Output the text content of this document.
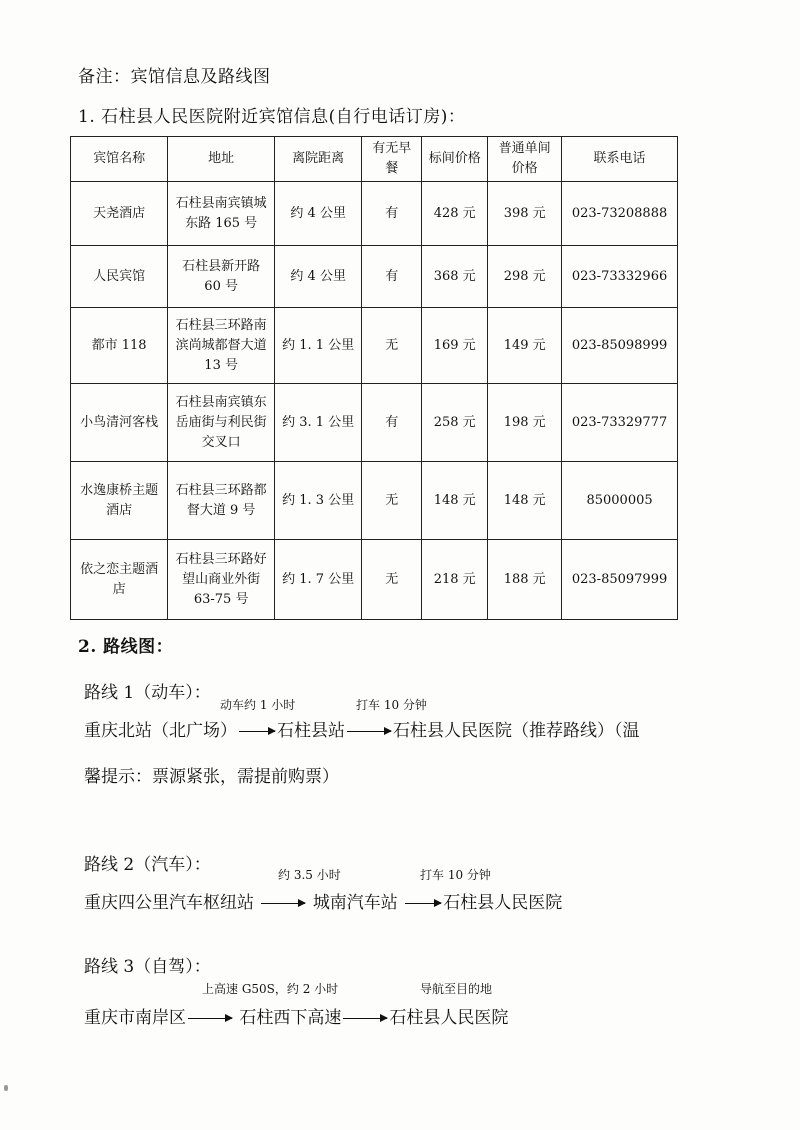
备注：宾馆信息及路线图
1. 石柱县人民医院附近宾馆信息(自行电话订房)：
宾馆名称	地址	离院距离	有无早餐	标间价格	普通单间价格	联系电话
天尧酒店	石柱县南宾镇城东路 165 号	约 4 公里	有	428 元	398 元	023-73208888
人民宾馆	石柱县新开路 60 号	约 4 公里	有	368 元	298 元	023-73332966
都市 118	石柱县三环路南滨尚城都督大道 13 号	约 1. 1 公里	无	169 元	149 元	023-85098999
小鸟清河客栈	石柱县南宾镇东岳庙街与利民街交叉口	约 3. 1 公里	有	258 元	198 元	023-73329777
水逸康桥主题酒店	石柱县三环路都督大道 9 号	约 1. 3 公里	无	148 元	148 元	85000005
依之恋主题酒店	石柱县三环路好望山商业外街 63-75 号	约 1. 7 公里	无	218 元	188 元	023-85097999
2. 路线图：
路线 1（动车）：
动车约 1 小时	打车 10 分钟
重庆北站（北广场） 石柱县站	石柱县人民医院（推荐路线）（温
馨提示：票源紧张，需提前购票）
路线 2（汽车）：	约 3.5 小时	打车 10 分钟
重庆四公里汽车枢纽站	城南汽车站	石柱县人民医院
路线 3（自驾）：
上高速 G50S，约 2 小时	导航至目的地
重庆市南岸区	石柱西下高速	石柱县人民医院
